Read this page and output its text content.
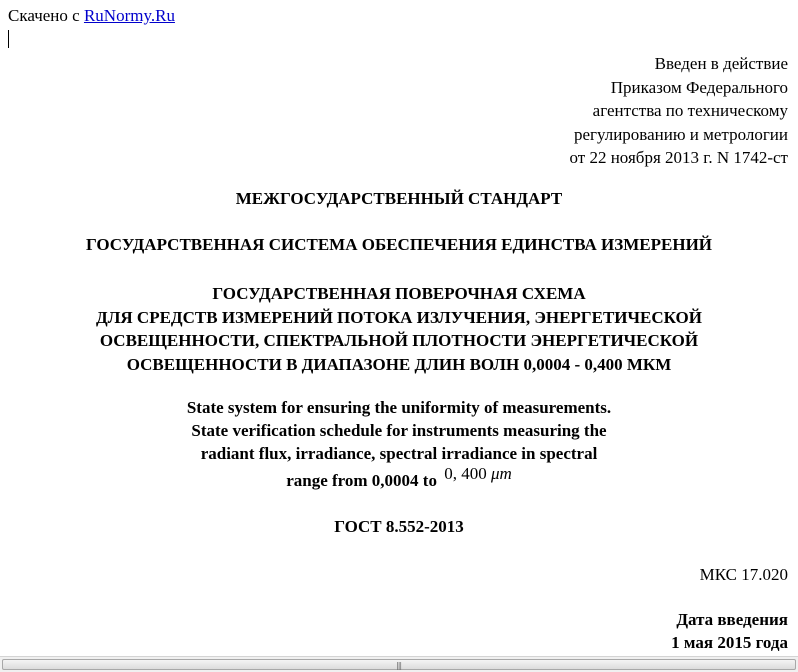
Скачено с RuNormy.Ru
Введен в действие
Приказом Федерального
агентства по техническому
регулированию и метрологии
от 22 ноября 2013 г. N 1742-ст
МЕЖГОСУДАРСТВЕННЫЙ СТАНДАРТ
ГОСУДАРСТВЕННАЯ СИСТЕМА ОБЕСПЕЧЕНИЯ ЕДИНСТВА ИЗМЕРЕНИЙ
ГОСУДАРСТВЕННАЯ ПОВЕРОЧНАЯ СХЕМА
ДЛЯ СРЕДСТВ ИЗМЕРЕНИЙ ПОТОКА ИЗЛУЧЕНИЯ, ЭНЕРГЕТИЧЕСКОЙ
ОСВЕЩЕННОСТИ, СПЕКТРАЛЬНОЙ ПЛОТНОСТИ ЭНЕРГЕТИЧЕСКОЙ
ОСВЕЩЕННОСТИ В ДИАПАЗОНЕ ДЛИН ВОЛН 0,0004 - 0,400 МКМ
State system for ensuring the uniformity of measurements.
State verification schedule for instruments measuring the
radiant flux, irradiance, spectral irradiance in spectral
range from 0,0004 to 0, 400 μm
ГОСТ 8.552-2013
МКС 17.020
Дата введения
1 мая 2015 года
|||
